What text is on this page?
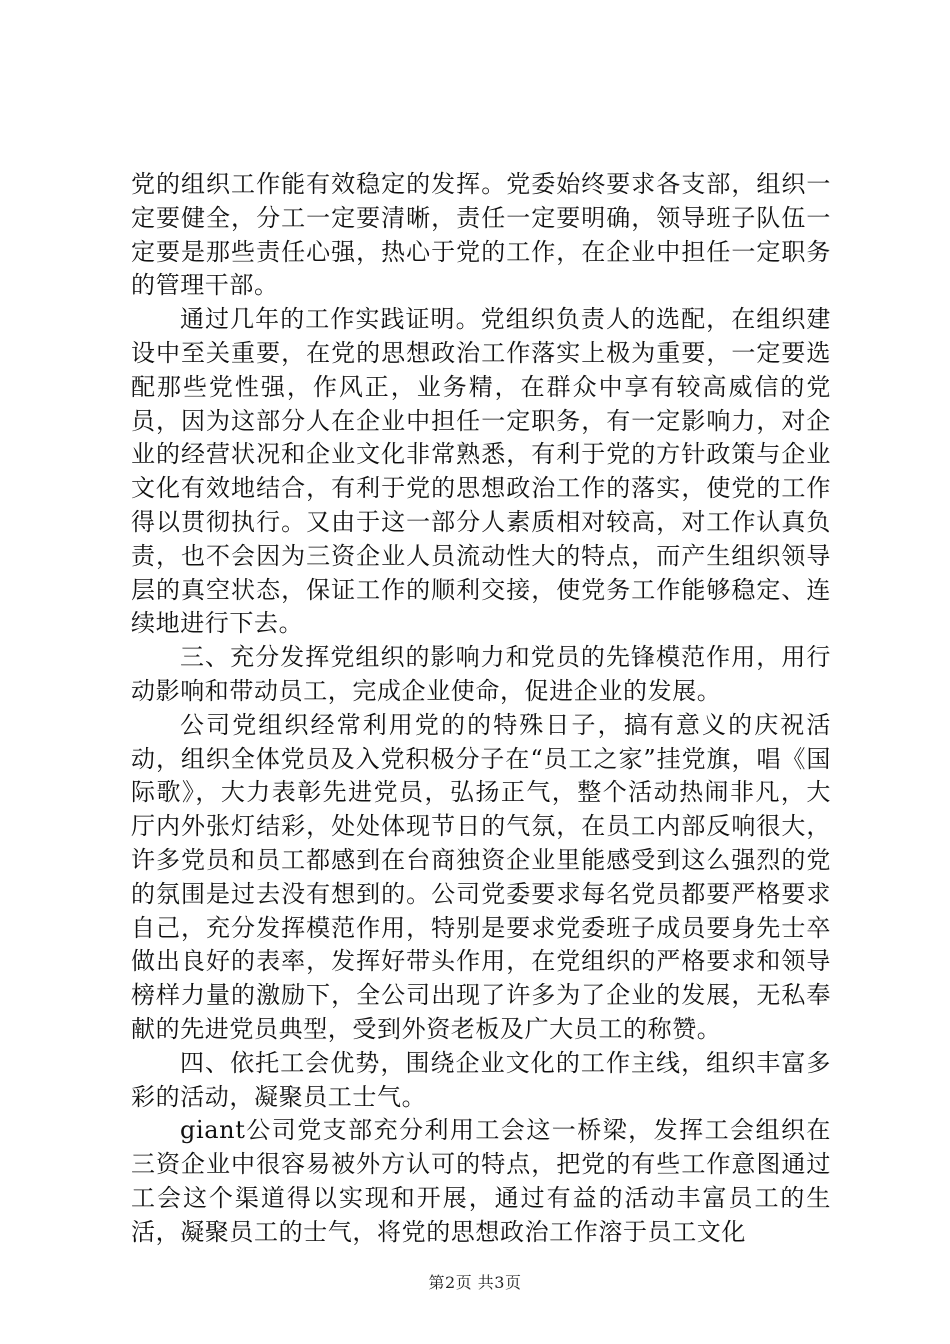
党的组织工作能有效稳定的发挥。党委始终要求各支部，组织一定要健全，分工一定要清晰，责任一定要明确，领导班子队伍一定要是那些责任心强，热心于党的工作，在企业中担任一定职务的管理干部。

通过几年的工作实践证明。党组织负责人的选配，在组织建设中至关重要，在党的思想政治工作落实上极为重要，一定要选配那些党性强，作风正，业务精，在群众中享有较高威信的党员，因为这部分人在企业中担任一定职务，有一定影响力，对企业的经营状况和企业文化非常熟悉，有利于党的方针政策与企业文化有效地结合，有利于党的思想政治工作的落实，使党的工作得以贯彻执行。又由于这一部分人素质相对较高，对工作认真负责，也不会因为三资企业人员流动性大的特点，而产生组织领导层的真空状态，保证工作的顺利交接，使党务工作能够稳定、连续地进行下去。

三、充分发挥党组织的影响力和党员的先锋模范作用，用行动影响和带动员工，完成企业使命，促进企业的发展。

公司党组织经常利用党的的特殊日子，搞有意义的庆祝活动，组织全体党员及入党积极分子在“员工之家”挂党旗，唱《国际歌》，大力表彰先进党员，弘扬正气，整个活动热闹非凡，大厅内外张灯结彩，处处体现节日的气氛，在员工内部反响很大，许多党员和员工都感到在台商独资企业里能感受到这么强烈的党的氛围是过去没有想到的。公司党委要求每名党员都要严格要求自己，充分发挥模范作用，特别是要求党委班子成员要身先士卒做出良好的表率，发挥好带头作用，在党组织的严格要求和领导榜样力量的激励下，全公司出现了许多为了企业的发展，无私奉献的先进党员典型，受到外资老板及广大员工的称赞。

四、依托工会优势，围绕企业文化的工作主线，组织丰富多彩的活动，凝聚员工士气。

giant公司党支部充分利用工会这一桥梁，发挥工会组织在三资企业中很容易被外方认可的特点，把党的有些工作意图通过工会这个渠道得以实现和开展，通过有益的活动丰富员工的生活，凝聚员工的士气，将党的思想政治工作溶于员工文化

第2页 共3页
